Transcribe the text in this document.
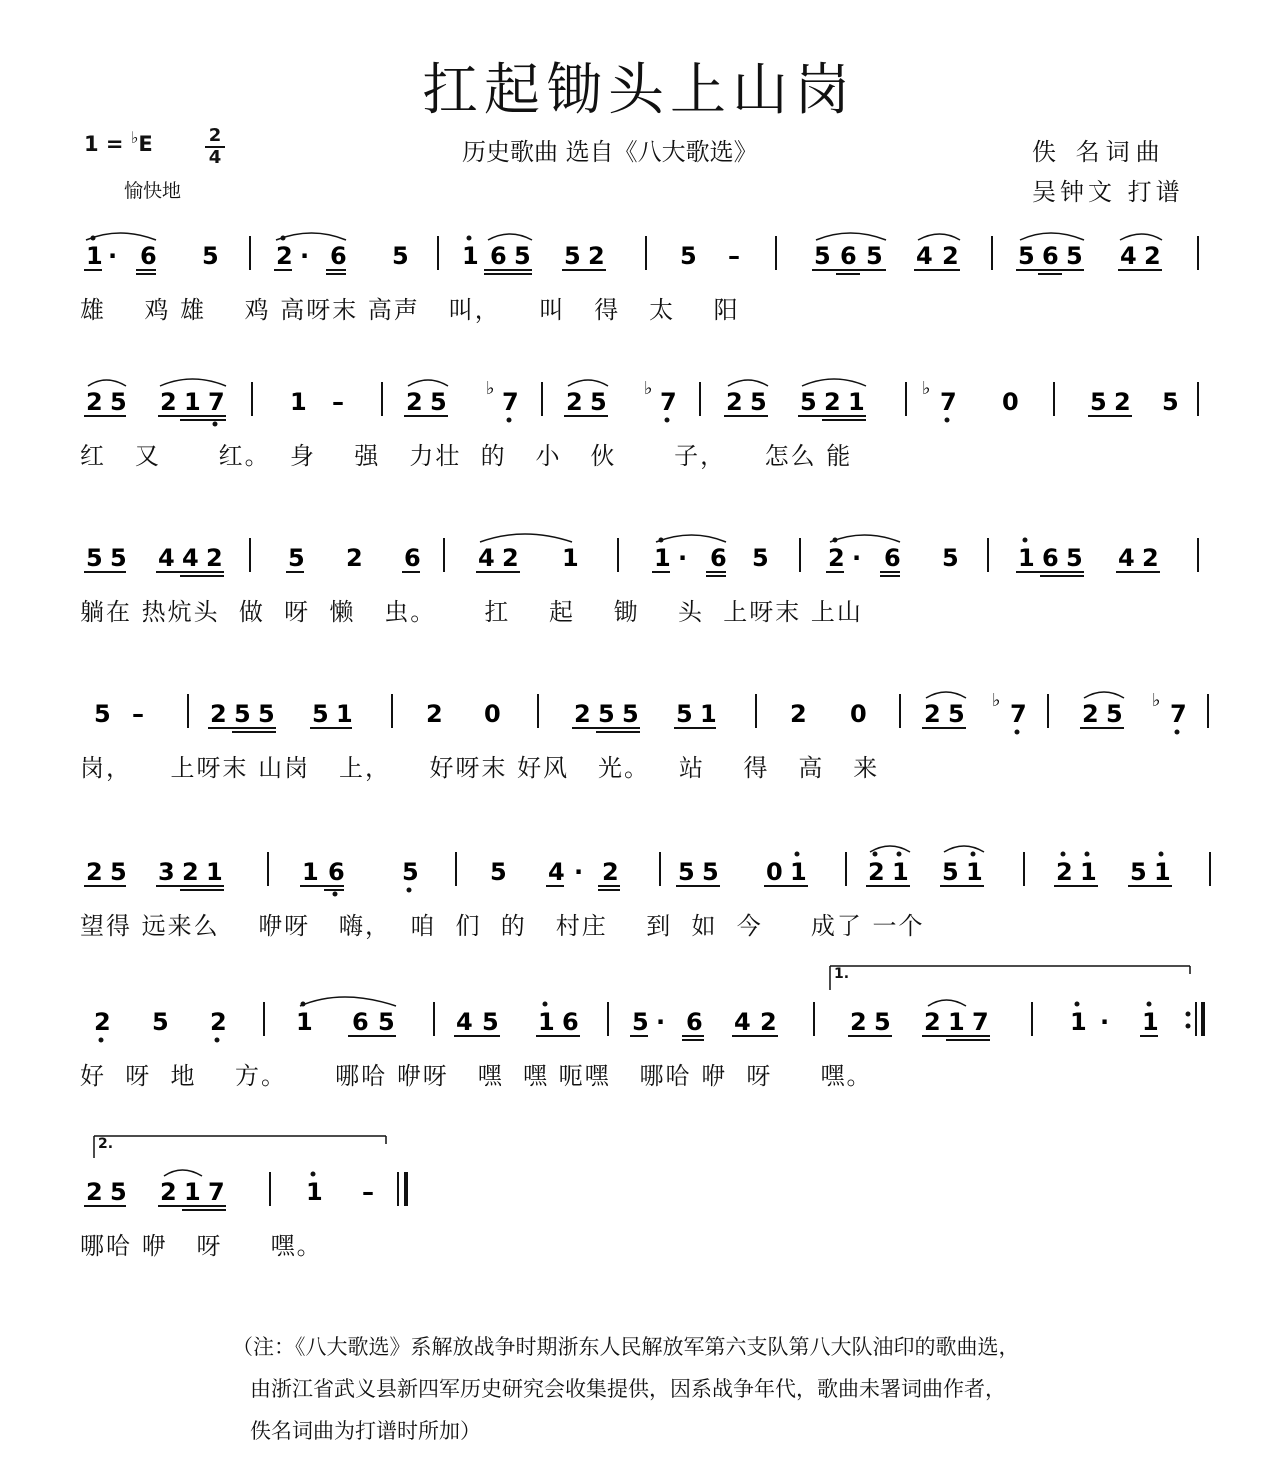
扛起锄头上山岗
1 = ♭E	2
4
愉快地
历史歌曲 选自《八大歌选》	佚 名词曲
吴钟文 打谱
1 · 6 5 2 · 6 5 1 6 5 5 2	5 –	5 6 5 4 2 5 6 5 4 2
雄    鸡 雄    鸡 高呀末 高声   叫，    叫   得   太    阳
2 5 2 1 7	1 –	2 5 7 2 5 7 2 5 5 2 1	7 0	5 2 5
♭	♭	♭
红   又      红。  身    强   力壮  的   小   伙      子，    怎么 能
5 5 4 4 2	5 2 6 4 2 1	1 · 6 5 2 · 6 5 1 6 5 4 2
躺在 热炕头  做  呀  懒   虫。     扛    起    锄    头  上呀末 上山
5 –	2 5 5 5 1	2 0	2 5 5 5 1	2 0 2 5 7 2 5 7
♭	♭
岗，    上呀末 山岗   上，    好呀末 好风   光。   站    得   高   来
2 5 3 2 1	1 6 5	5 4 · 2 5 5 0 1	2 1 5 1	2 1 5 1
望得 远来么    咿呀   嗨，  咱  们  的   村庄    到  如  今     成了 一个
1.
2 5 2	1 6 5	4 5 1 6 5 · 6 4 2	2 5 2 1 7	1 · 1
好  呀  地    方。     哪哈 咿呀   嘿  嘿 呃嘿   哪哈 咿  呀     嘿。
2.
2 5 2 1 7	1 –
哪哈 咿   呀     嘿。
（注：《八大歌选》系解放战争时期浙东人民解放军第六支队第八大队油印的歌曲选，
由浙江省武义县新四军历史研究会收集提供，因系战争年代，歌曲未署词曲作者，
佚名词曲为打谱时所加）
